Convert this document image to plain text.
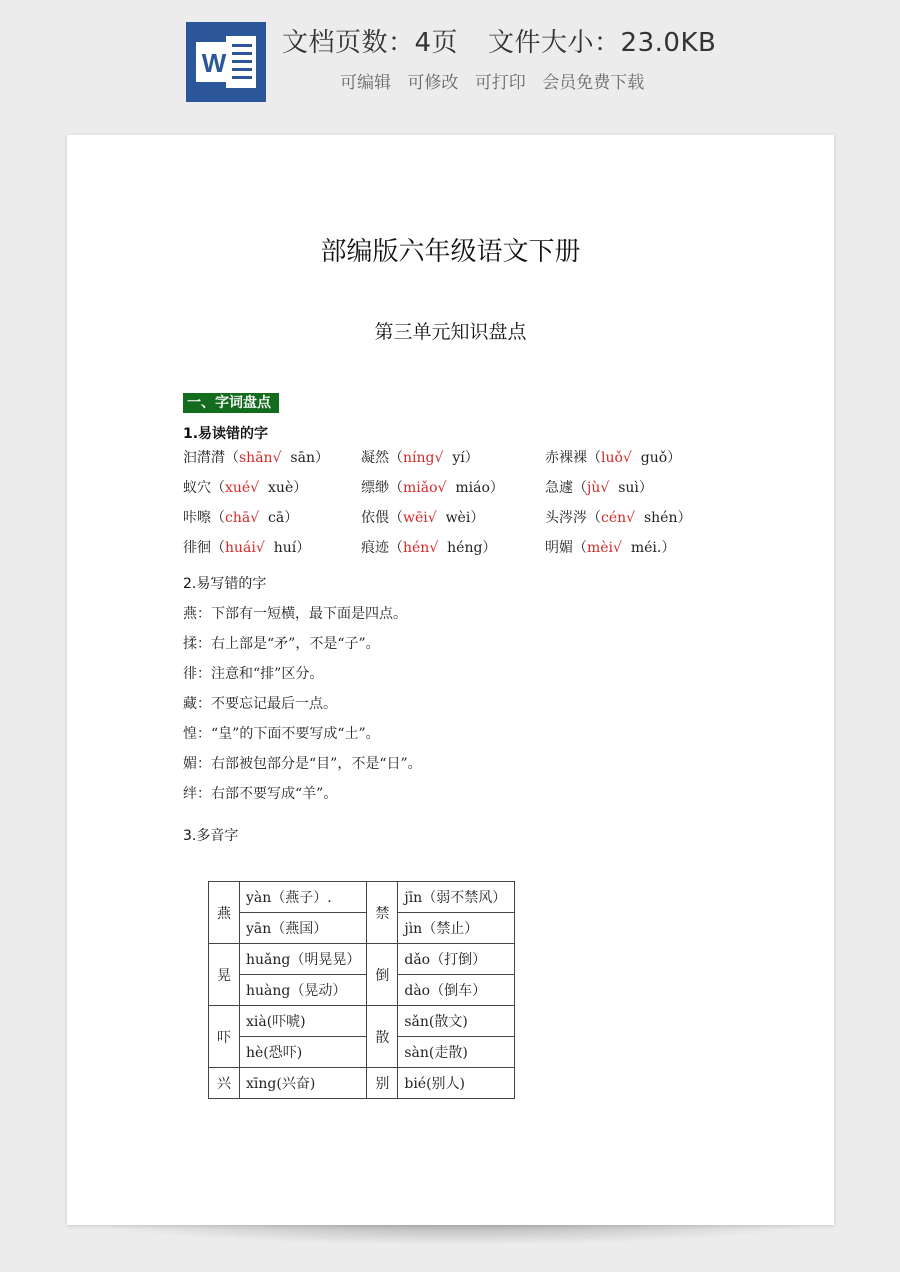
W
文档页数：4页 文件大小：23.0KB
可编辑 可修改 可打印 会员免费下载
部编版六年级语文下册
第三单元知识盘点
一、字词盘点
1.易读错的字
汩潸潸（shān√ sān） 凝然（níng√ yí）	赤裸裸（luǒ√ guǒ）
蚁穴（xué√ xuè）	缥缈（miǎo√ miáo）	急遽（jù√ suì）
咔嚓（chā√ cā）	依偎（wēi√ wèi）	头涔涔（cén√ shén）
徘徊（huái√ huí）	痕迹（hén√ héng）	明媚（mèi√ méi.）
2.易写错的字
燕：下部有一短横，最下面是四点。
揉：右上部是“矛”，不是“子”。
徘：注意和“排”区分。
藏：不要忘记最后一点。
惶：“皇”的下面不要写成“土”。
媚：右部被包部分是“目”，不是“日”。
绊：右部不要写成“羊”。
3.多音字
燕	yàn（燕子）.	禁	jīn（弱不禁风）
	yān（燕国）		jìn（禁止）
晃	huǎng（明晃晃）	倒	dǎo（打倒）
	huàng（晃动）		dào（倒车）
吓	xià(吓唬)	散	sǎn(散文)
	hè(恐吓)		sàn(走散)
兴	xīng(兴奋)	别	bié(别人)
